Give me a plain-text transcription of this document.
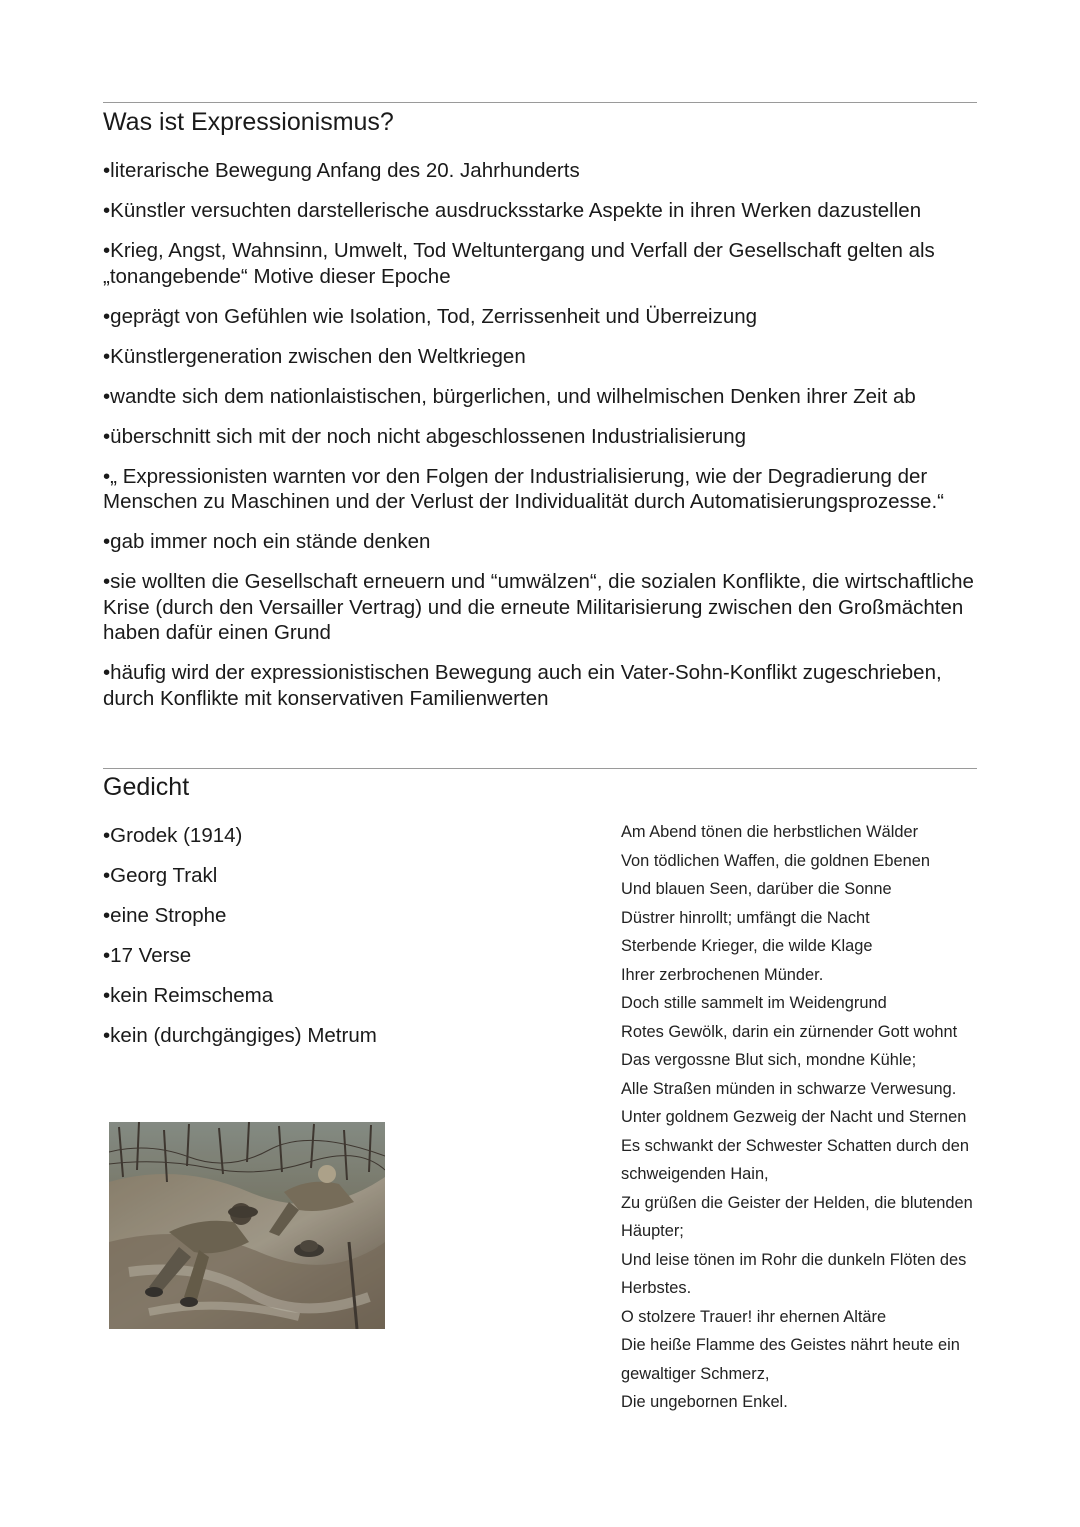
Was ist Expressionismus?
•literarische Bewegung Anfang des 20. Jahrhunderts
•Künstler versuchten darstellerische ausdrucksstarke Aspekte in ihren Werken dazustellen
•Krieg, Angst, Wahnsinn, Umwelt, Tod Weltuntergang und Verfall der Gesellschaft gelten als „tonangebende“ Motive dieser Epoche
•geprägt von Gefühlen wie Isolation, Tod, Zerrissenheit und Überreizung
•Künstlergeneration zwischen den Weltkriegen
•wandte sich dem nationlaistischen, bürgerlichen, und wilhelmischen Denken ihrer Zeit ab
•überschnitt sich mit der noch nicht abgeschlossenen Industrialisierung
•„ Expressionisten warnten vor den Folgen der Industrialisierung, wie der Degradierung der Menschen zu Maschinen und der Verlust der Individualität durch Automatisierungsprozesse.“
•gab immer noch ein stände denken
•sie wollten die Gesellschaft erneuern und “umwälzen“, die sozialen Konflikte, die wirtschaftliche Krise (durch den Versailler Vertrag) und die erneute Militarisierung zwischen den Großmächten haben dafür einen Grund
•häufig wird der expressionistischen Bewegung auch ein Vater-Sohn-Konflikt zugeschrieben, durch Konflikte mit konservativen Familienwerten
Gedicht
•Grodek (1914)
•Georg Trakl
•eine Strophe
•17 Verse
•kein Reimschema
•kein (durchgängiges) Metrum
Am Abend tönen die herbstlichen Wälder
Von tödlichen Waffen, die goldnen Ebenen
Und blauen Seen, darüber die Sonne
Düstrer hinrollt; umfängt die Nacht
Sterbende Krieger, die wilde Klage
Ihrer zerbrochenen Münder.
Doch stille sammelt im Weidengrund
Rotes Gewölk, darin ein zürnender Gott wohnt
Das vergossne Blut sich, mondne Kühle;
Alle Straßen münden in schwarze Verwesung.
Unter goldnem Gezweig der Nacht und Sternen
Es schwankt der Schwester Schatten durch den
schweigenden Hain,
Zu grüßen die Geister der Helden, die blutenden
Häupter;
Und leise tönen im Rohr die dunkeln Flöten des
Herbstes.
O stolzere Trauer! ihr ehernen Altäre
Die heiße Flamme des Geistes nährt heute ein
gewaltiger Schmerz,
Die ungebornen Enkel.
